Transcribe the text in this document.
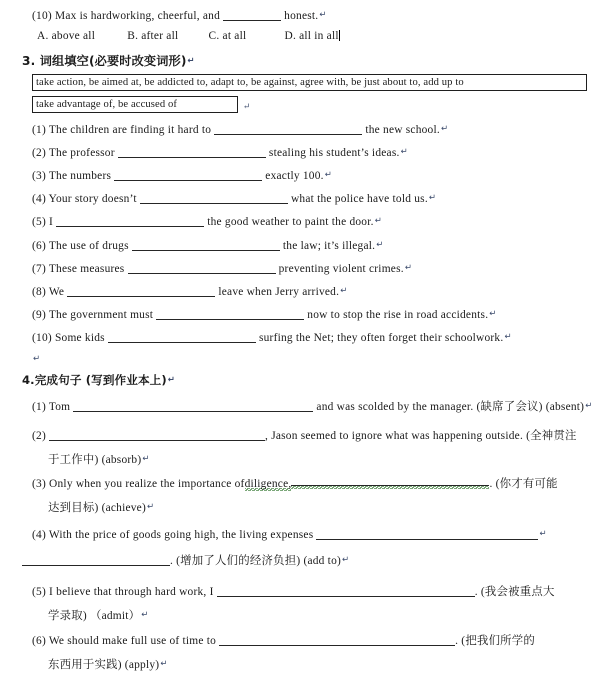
(10) Max is hardworking, cheerful, and	honest.↵
A. above all	B. after all	C. at all	D. all in all
3. 词组填空(必要时改变词形)↵
take action, be aimed at, be addicted to, adapt to, be against, agree with, be just about to, add up to
take advantage of, be accused of	↵
(1) The children are finding it hard to	the new school.↵
(2) The professor	stealing his student’s ideas.↵
(3) The numbers	exactly 100.↵
(4) Your story doesn’t	what the police have told us.↵
(5) I	the good weather to paint the door.↵
(6) The use of drugs	the law; it’s illegal.↵
(7) These measures	preventing violent crimes.↵
(8) We	leave when Jerry arrived.↵
(9) The government must	now to stop the rise in road accidents.↵
(10) Some kids	surfing the Net; they often forget their schoolwork.↵
↵
4.完成句子 (写到作业本上)↵
(1) Tom	and was scolded by the manager. (缺席了会议) (absent)↵
(2)	, Jason seemed to ignore what was happening outside. (全神贯注
于工作中) (absorb)↵
(3) Only when you realize the importance ofdiligence,	. (你才有可能
达到目标) (achieve)↵
(4) With the price of goods going high, the living expenses	↵
. (增加了人们的经济负担) (add to)↵
(5) I believe that through hard work, I	. (我会被重点大
学录取) （admit）↵
(6) We should make full use of time to	. (把我们所学的
东西用于实践) (apply)↵
